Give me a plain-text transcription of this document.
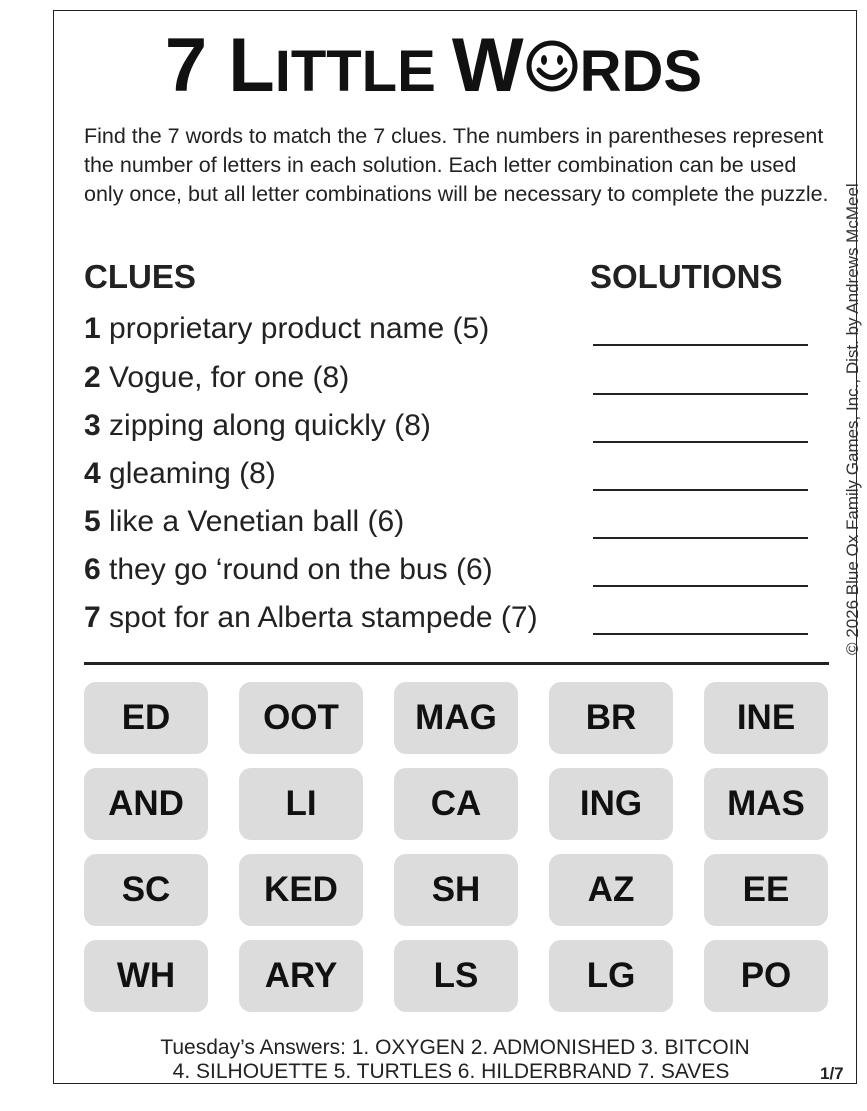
7 LITTLE W RDS
Find the 7 words to match the 7 clues. The numbers in parentheses represent the number of letters in each solution. Each letter combination can be used only once, but all letter combinations will be necessary to complete the puzzle.
CLUES	SOLUTIONS
1 proprietary product name (5)
2 Vogue, for one (8)
3 zipping along quickly (8)
4 gleaming (8)
5 like a Venetian ball (6)
6 they go ‘round on the bus (6)
7 spot for an Alberta stampede (7)	© 2026 Blue Ox Family Games, Inc., Dist. by Andrews McMeel
ED	OOT	MAG	BR	INE
AND	LI	CA	ING	MAS
SC	KED	SH	AZ	EE
WH	ARY	LS	LG	PO
Tuesday’s Answers: 1. OXYGEN 2. ADMONISHED 3. BITCOIN
4. SILHOUETTE 5. TURTLES 6. HILDERBRAND 7. SAVES	1/7
